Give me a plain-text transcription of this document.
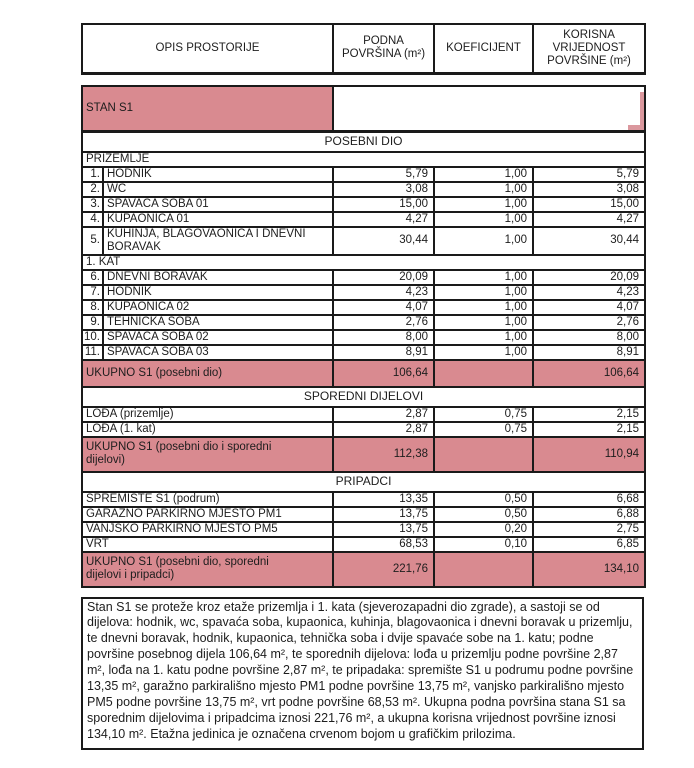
OPIS PROSTORIJE	PODNA POVRŠINA (m²)	KOEFICIJENT	KORISNA VRIJEDNOST POVRŠINE (m²)
STAN S1				

POSEBNI DIO				
PRIZEMLJE				
1.	HODNIK	5,79	1,00	5,79
2.	WC	3,08	1,00	3,08
3.	SPAVAĆA SOBA 01	15,00	1,00	15,00
4.	KUPAONICA 01	4,27	1,00	4,27
5.	KUHINJA, BLAGOVAONICA I DNEVNI BORAVAK	30,44	1,00	30,44
1. KAT				
6.	DNEVNI BORAVAK	20,09	1,00	20,09
7.	HODNIK	4,23	1,00	4,23
8.	KUPAONICA 02	4,07	1,00	4,07
9.	TEHNIČKA SOBA	2,76	1,00	2,76
10.	SPAVAĆA SOBA 02	8,00	1,00	8,00
11.	SPAVAĆA SOBA 03	8,91	1,00	8,91
UKUPNO S1 (posebni dio)		106,64		106,64
SPOREDNI DIJELOVI				
LOĐA (prizemlje)		2,87	0,75	2,15
LOĐA (1. kat)		2,87	0,75	2,15
UKUPNO S1 (posebni dio i sporedni dijelovi)		112,38		110,94
PRIPADCI				
SPREMIŠTE S1 (podrum)		13,35	0,50	6,68
GARAŽNO PARKIRNO MJESTO PM1		13,75	0,50	6,88
VANJSKO PARKIRNO MJESTO PM5		13,75	0,20	2,75
VRT		68,53	0,10	6,85
UKUPNO S1 (posebni dio, sporedni dijelovi i pripadci)		221,76		134,10
Stan S1 se proteže kroz etaže prizemlja i 1. kata (sjeverozapadni dio zgrade), a sastoji se od dijelova: hodnik, wc, spavaća soba, kupaonica, kuhinja, blagovaonica i dnevni boravak u prizemlju, te dnevni boravak, hodnik, kupaonica, tehnička soba i dvije spavaće sobe na 1. katu; podne površine posebnog dijela 106,64 m², te sporednih dijelova: lođa u prizemlju podne površine 2,87 m², lođa na 1. katu podne površine 2,87 m², te pripadaka: spremište S1 u podrumu podne površine 13,35 m², garažno parkirališno mjesto PM1 podne površine 13,75 m², vanjsko parkirališno mjesto PM5 podne površine 13,75 m², vrt podne površine 68,53 m². Ukupna podna površina stana S1 sa sporednim dijelovima i pripadcima iznosi 221,76 m², a ukupna korisna vrijednost površine iznosi 134,10 m². Etažna jedinica je označena crvenom bojom u grafičkim prilozima.
